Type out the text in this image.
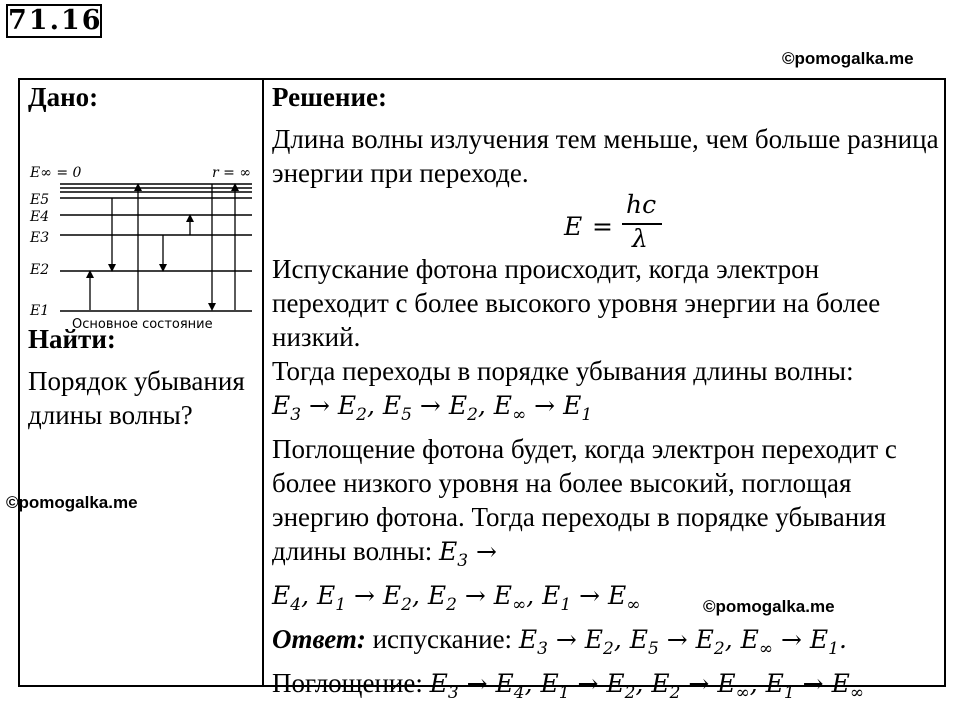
71.16
©pomogalka.me
©pomogalka.me
©pomogalka.me

Дано:

E∞ = 0
E5
E4
E3
E2
E1
r = ∞
Основное состояние

Найти:

Порядок убывания длины волны?

Решение:

Длина волны излучения тем меньше, чем больше разница энергии при переходе.

E =
hc
λ

Испускание фотона происходит, когда электрон переходит с более высокого уровня энергии на более низкий.

Тогда переходы в порядке убывания длины волны:

$E_3 \to E_2$, $E_5 \to E_2$, $E_\infty \to E_1$

Поглощение фотона будет, когда электрон переходит с более низкого уровня на более высокий, поглощая энергию фотона. Тогда переходы в порядке убывания длины волны: $E_3$ →

$E_4$, $E_1 \to E_2$, $E_2 \to E_\infty$, $E_1 \to E_\infty$

Ответ: испускание: $E_3 \to E_2$, $E_5 \to E_2$, $E_\infty \to E_1$.

Поглощение: $E_3 \to E_4$, $E_1 \to E_2$, $E_2 \to E_\infty$, $E_1 \to E_\infty$
